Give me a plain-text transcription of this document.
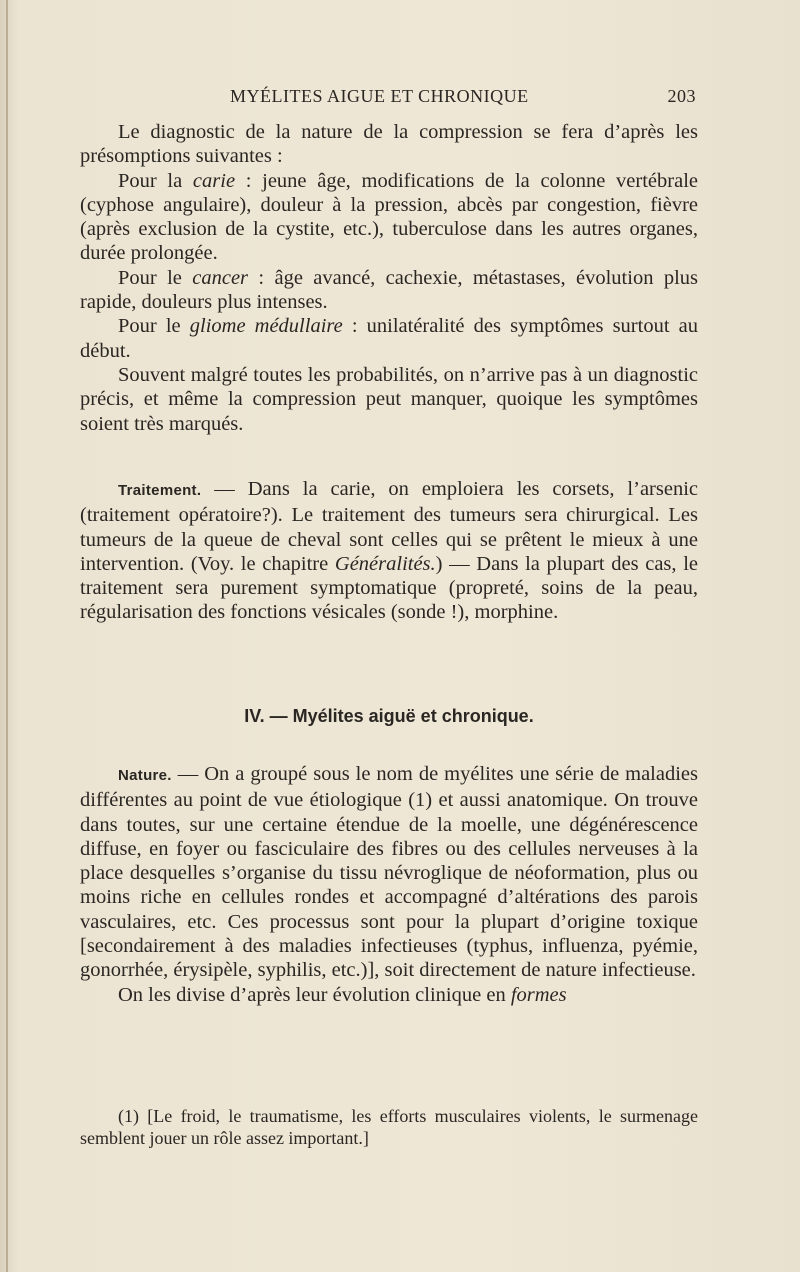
MYÉLITES AIGUE ET CHRONIQUE	203

Le diagnostic de la nature de la compression se fera d’après les présomptions suivantes :

Pour la carie : jeune âge, modifications de la colonne vertébrale (cyphose angulaire), douleur à la pression, abcès par congestion, fièvre (après exclusion de la cystite, etc.), tuberculose dans les autres organes, durée prolongée.

Pour le cancer : âge avancé, cachexie, métastases, évolution plus rapide, douleurs plus intenses.

Pour le gliome médullaire : unilatéralité des symptômes surtout au début.

Souvent malgré toutes les probabilités, on n’arrive pas à un diagnostic précis, et même la compression peut manquer, quoique les symptômes soient très marqués.

Traitement. — Dans la carie, on emploiera les corsets, l’arsenic (traitement opératoire?). Le traitement des tumeurs sera chirurgical. Les tumeurs de la queue de cheval sont celles qui se prêtent le mieux à une intervention. (Voy. le chapitre Généralités.) — Dans la plupart des cas, le traitement sera purement symptomatique (propreté, soins de la peau, régularisation des fonctions vésicales (sonde !), morphine.

IV. — Myélites aiguë et chronique.

Nature. — On a groupé sous le nom de myélites une série de maladies différentes au point de vue étiologique (1) et aussi anatomique. On trouve dans toutes, sur une certaine étendue de la moelle, une dégénérescence diffuse, en foyer ou fasciculaire des fibres ou des cellules nerveuses à la place desquelles s’organise du tissu névroglique de néoformation, plus ou moins riche en cellules rondes et accompagné d’altérations des parois vasculaires, etc. Ces processus sont pour la plupart d’origine toxique [secondairement à des maladies infectieuses (typhus, influenza, pyémie, gonorrhée, érysipèle, syphilis, etc.)], soit directement de nature infectieuse.

On les divise d’après leur évolution clinique en formes

(1) [Le froid, le traumatisme, les efforts musculaires violents, le surmenage semblent jouer un rôle assez important.]
